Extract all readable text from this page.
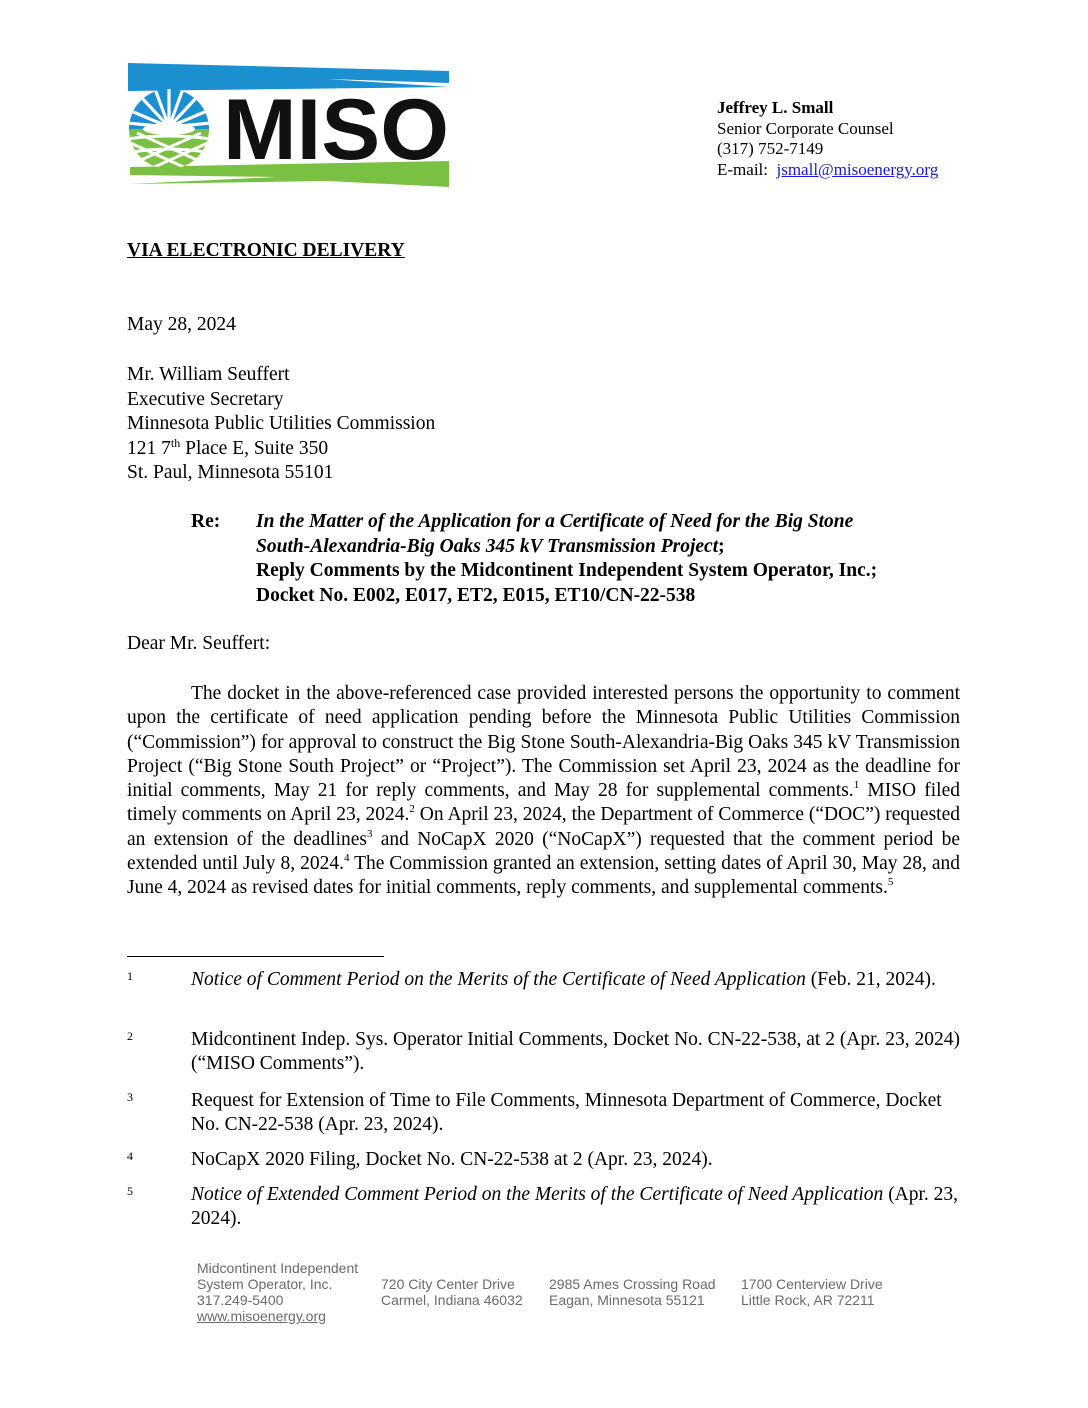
MISO	Jeffrey L. Small
Senior Corporate Counsel
(317) 752-7149
E-mail: jsmall@misoenergy.org
VIA ELECTRONIC DELIVERY
May 28, 2024
Mr. William Seuffert
Executive Secretary
Minnesota Public Utilities Commission
121 7th Place E, Suite 350
St. Paul, Minnesota 55101
Re: In the Matter of the Application for a Certificate of Need for the Big Stone
South-Alexandria-Big Oaks 345 kV Transmission Project;
Reply Comments by the Midcontinent Independent System Operator, Inc.;
Docket No. E002, E017, ET2, E015, ET10/CN-22-538
Dear Mr. Seuffert:
The docket in the above-referenced case provided interested persons the opportunity to comment upon the certificate of need application pending before the Minnesota Public Utilities Commission (“Commission”) for approval to construct the Big Stone South-Alexandria-Big Oaks 345 kV Transmission Project (“Big Stone South Project” or “Project”). The Commission set April 23, 2024 as the deadline for initial comments, May 21 for reply comments, and May 28 for supplemental comments.$^1$ MISO filed timely comments on April 23, 2024.$^2$ On April 23, 2024, the Department of Commerce (“DOC”) requested an extension of the deadlines$^3$ and NoCapX 2020 (“NoCapX”) requested that the comment period be extended until July 8, 2024.$^4$ The Commission granted an extension, setting dates of April 30, May 28, and June 4, 2024 as revised dates for initial comments, reply comments, and supplemental comments.$^5$
1	Notice of Comment Period on the Merits of the Certificate of Need Application (Feb. 21, 2024).
2	Midcontinent Indep. Sys. Operator Initial Comments, Docket No. CN-22-538, at 2 (Apr. 23, 2024) (“MISO Comments”).
3	Request for Extension of Time to File Comments, Minnesota Department of Commerce, Docket No. CN-22-538 (Apr. 23, 2024).
4	NoCapX 2020 Filing, Docket No. CN-22-538 at 2 (Apr. 23, 2024).
5	Notice of Extended Comment Period on the Merits of the Certificate of Need Application (Apr. 23, 2024).
Midcontinent Independent
System Operator, Inc.
317.249-5400
www.misoenergy.org
720 City Center Drive
Carmel, Indiana 46032
2985 Ames Crossing Road
Eagan, Minnesota 55121
1700 Centerview Drive
Little Rock, AR 72211
